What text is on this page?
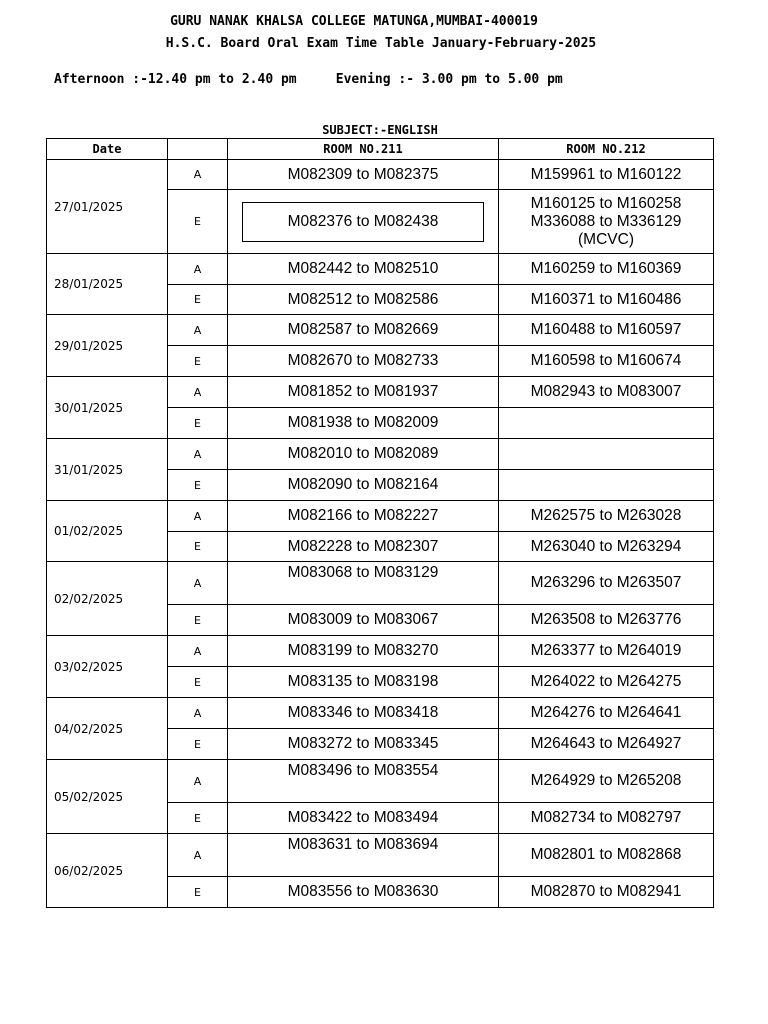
GURU NANAK KHALSA COLLEGE MATUNGA,MUMBAI-400019
H.S.C. Board Oral Exam Time Table January-February-2025
Afternoon :-12.40 pm to 2.40 pm     Evening :- 3.00 pm to 5.00 pm
SUBJECT:-ENGLISH
Date		ROOM NO.211	ROOM NO.212
27/01/2025	A	M082309 to M082375	M159961 to M160122

	E	M082376 to M082438	M160125 to M160258
M336088 to M336129
(MCVC)

28/01/2025	A	M082442 to M082510	M160259 to M160369

	E	M082512 to M082586	M160371 to M160486

29/01/2025	A	M082587 to M082669	M160488 to M160597

	E	M082670 to M082733	M160598 to M160674

30/01/2025	A	M081852 to M081937	M082943 to M083007

	E	M081938 to M082009	

31/01/2025	A	M082010 to M082089	

	E	M082090 to M082164	

01/02/2025	A	M082166 to M082227	M262575 to M263028

	E	M082228 to M082307	M263040 to M263294

02/02/2025	A	M083068 to M083129	M263296 to M263507

	E	M083009 to M083067	M263508 to M263776

03/02/2025	A	M083199 to M083270	M263377 to M264019

	E	M083135 to M083198	M264022 to M264275

04/02/2025	A	M083346 to M083418	M264276 to M264641

	E	M083272 to M083345	M264643 to M264927

05/02/2025	A	M083496 to M083554	M264929 to M265208

	E	M083422 to M083494	M082734 to M082797

06/02/2025	A	M083631 to M083694	M082801 to M082868

	E	M083556 to M083630	M082870 to M082941
